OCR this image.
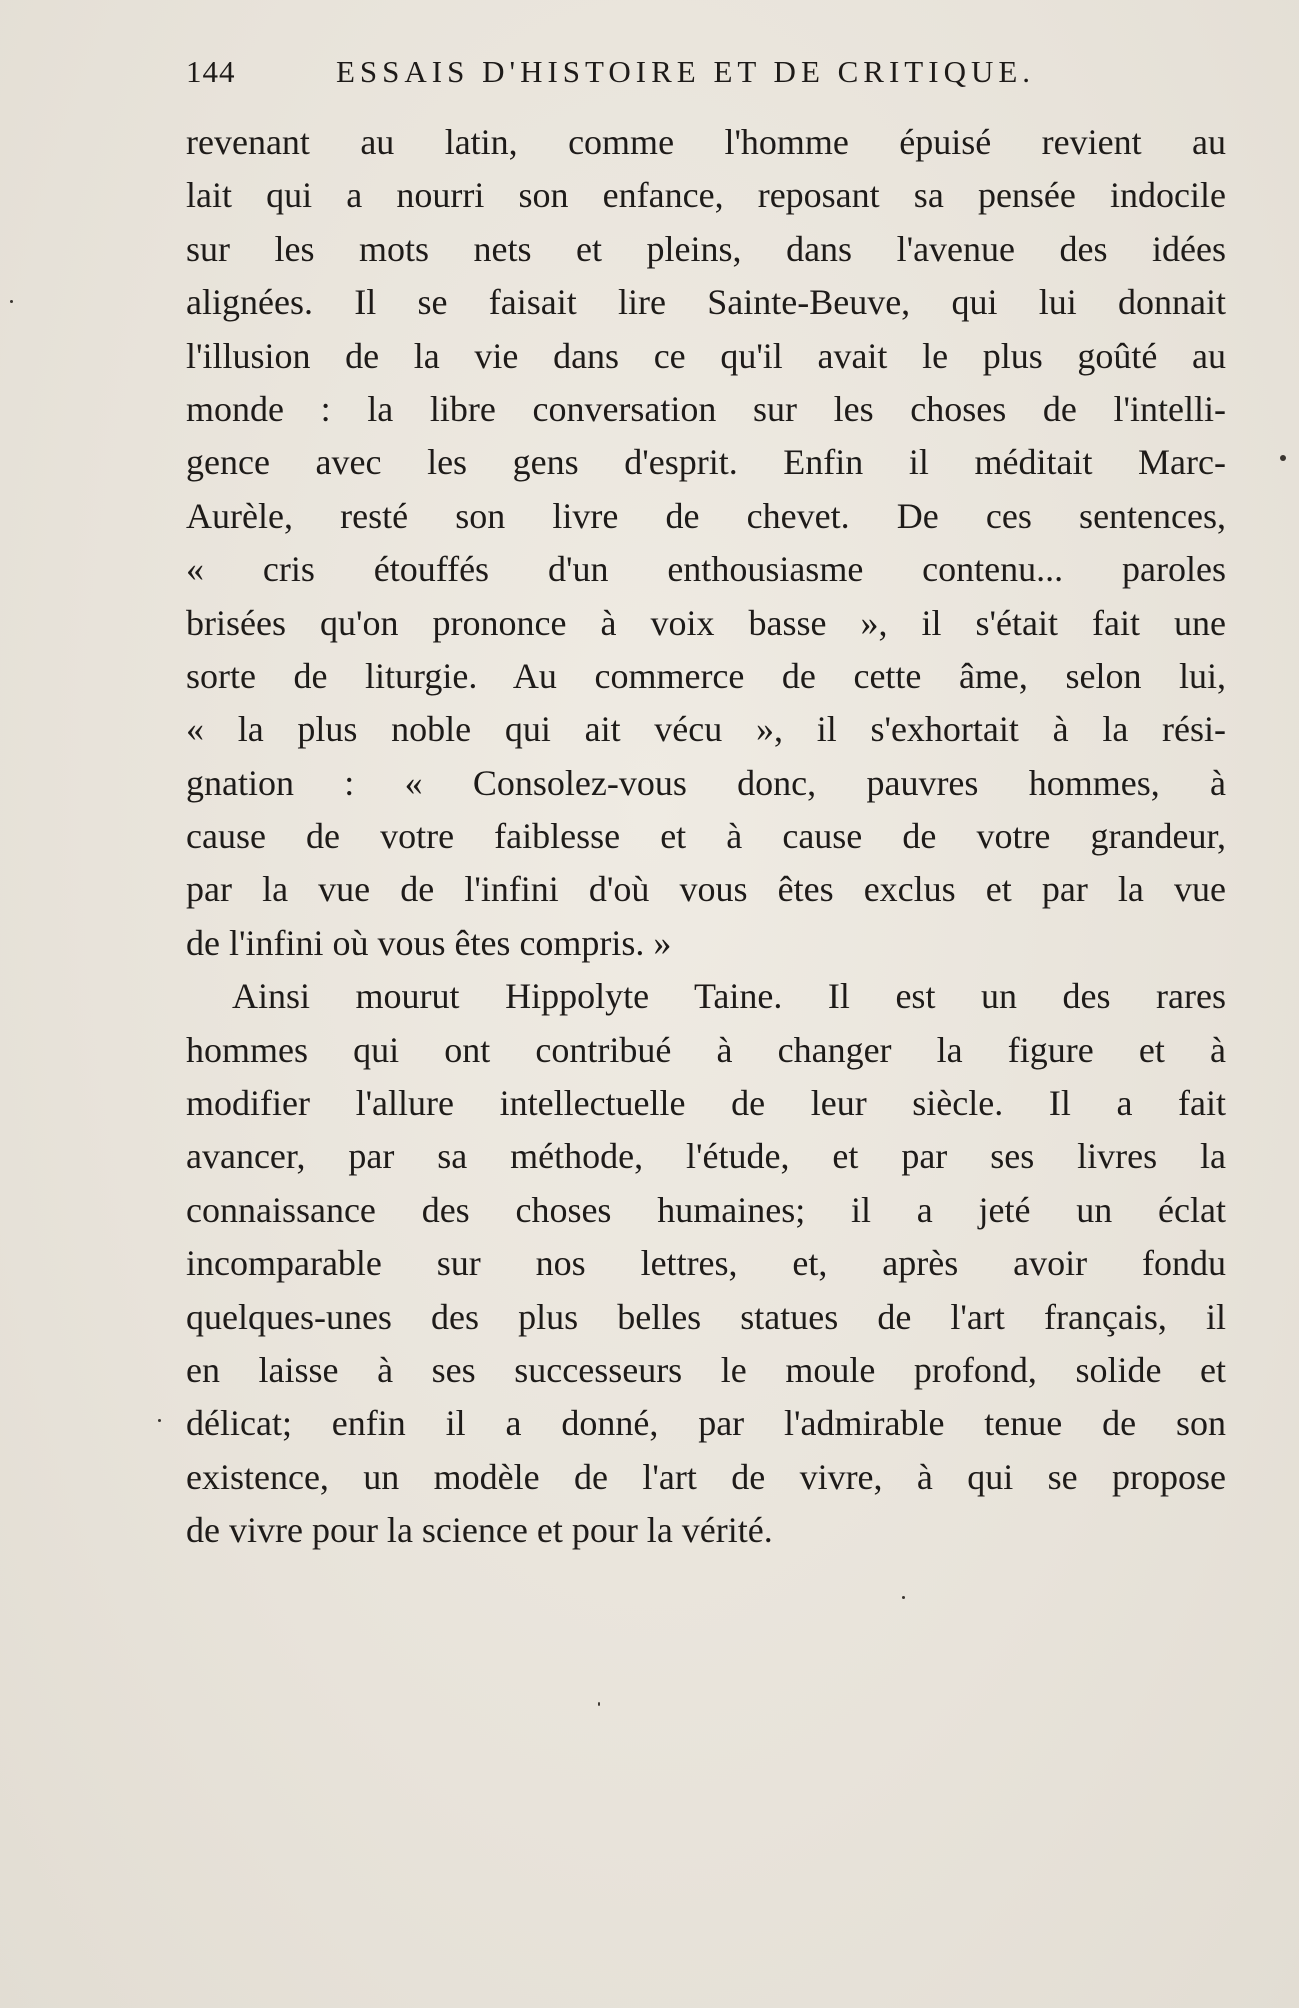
144	ESSAIS D'HISTOIRE ET DE CRITIQUE.
revenant au latin, comme l'homme épuisé revient au
lait qui a nourri son enfance, reposant sa pensée indocile
sur les mots nets et pleins, dans l'avenue des idées
alignées. Il se faisait lire Sainte-Beuve, qui lui donnait
l'illusion de la vie dans ce qu'il avait le plus goûté au
monde : la libre conversation sur les choses de l'intelli-
gence avec les gens d'esprit. Enfin il méditait Marc-
Aurèle, resté son livre de chevet. De ces sentences,
« cris étouffés d'un enthousiasme contenu... paroles
brisées qu'on prononce à voix basse », il s'était fait une
sorte de liturgie. Au commerce de cette âme, selon lui,
« la plus noble qui ait vécu », il s'exhortait à la rési-
gnation : « Consolez-vous donc, pauvres hommes, à
cause de votre faiblesse et à cause de votre grandeur,
par la vue de l'infini d'où vous êtes exclus et par la vue
de l'infini où vous êtes compris. »
Ainsi mourut Hippolyte Taine. Il est un des rares
hommes qui ont contribué à changer la figure et à
modifier l'allure intellectuelle de leur siècle. Il a fait
avancer, par sa méthode, l'étude, et par ses livres la
connaissance des choses humaines; il a jeté un éclat
incomparable sur nos lettres, et, après avoir fondu
quelques-unes des plus belles statues de l'art français, il
en laisse à ses successeurs le moule profond, solide et
délicat; enfin il a donné, par l'admirable tenue de son
existence, un modèle de l'art de vivre, à qui se propose
de vivre pour la science et pour la vérité.
